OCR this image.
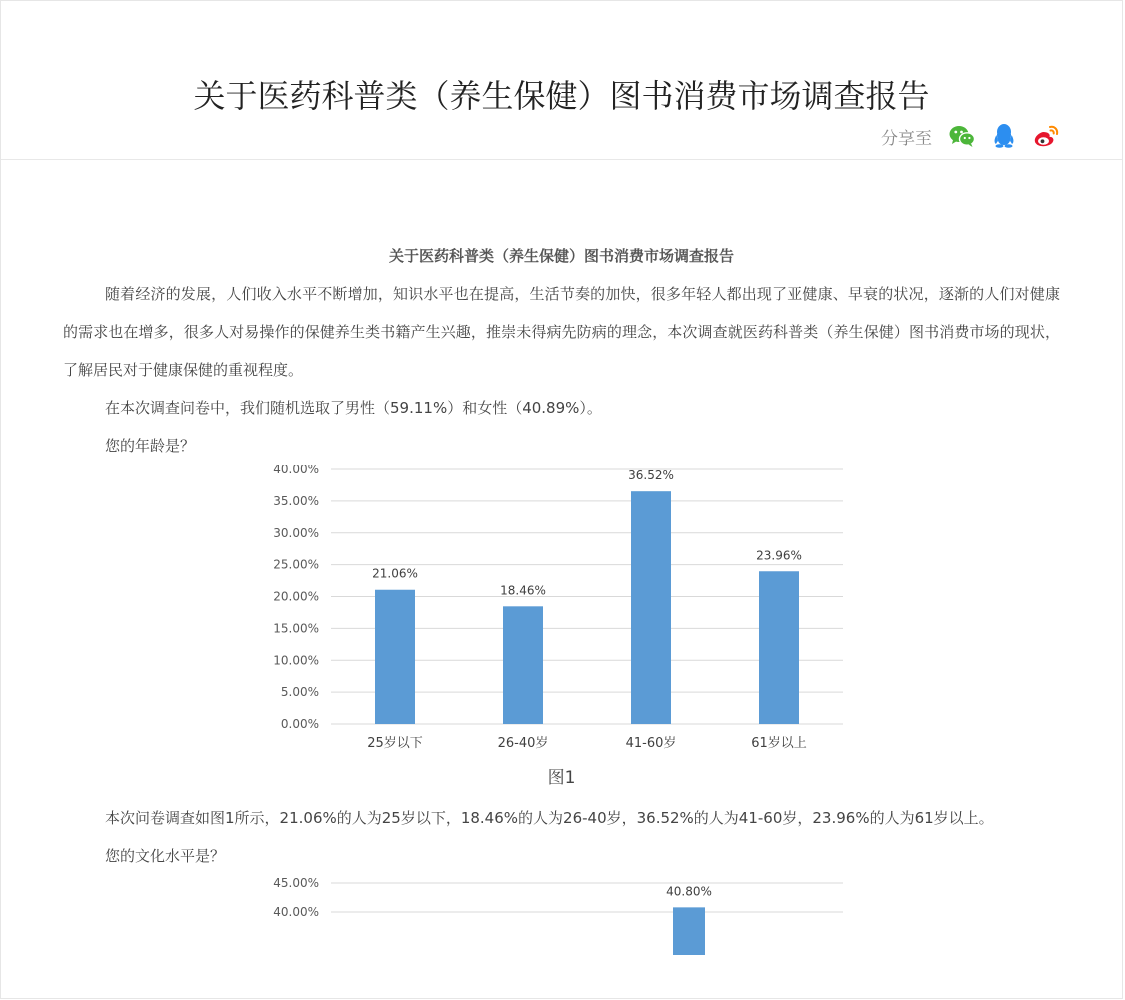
关于医药科普类（养生保健）图书消费市场调查报告
分享至

关于医药科普类（养生保健）图书消费市场调查报告

随着经济的发展，人们收入水平不断增加，知识水平也在提高，生活节奏的加快，很多年轻人都出现了亚健康、早衰的状况，逐渐的人们对健康的需求也在增多，很多人对易操作的保健养生类书籍产生兴趣，推崇未得病先防病的理念，本次调查就医药科普类（养生保健）图书消费市场的现状，了解居民对于健康保健的重视程度。

在本次调查问卷中，我们随机选取了男性（59.11%）和女性（40.89%）。

您的年龄是？

0.00%
5.00%
10.00%
15.00%
20.00%
25.00%
30.00%
35.00%
40.00%
21.06%
25岁以下
18.46%
26-40岁
36.52%
41-60岁
23.96%
61岁以上

图1

本次问卷调查如图1所示，21.06%的人为25岁以下，18.46%的人为26-40岁，36.52%的人为41-60岁，23.96%的人为61岁以上。

您的文化水平是？

45.00%
40.00%
40.80%
